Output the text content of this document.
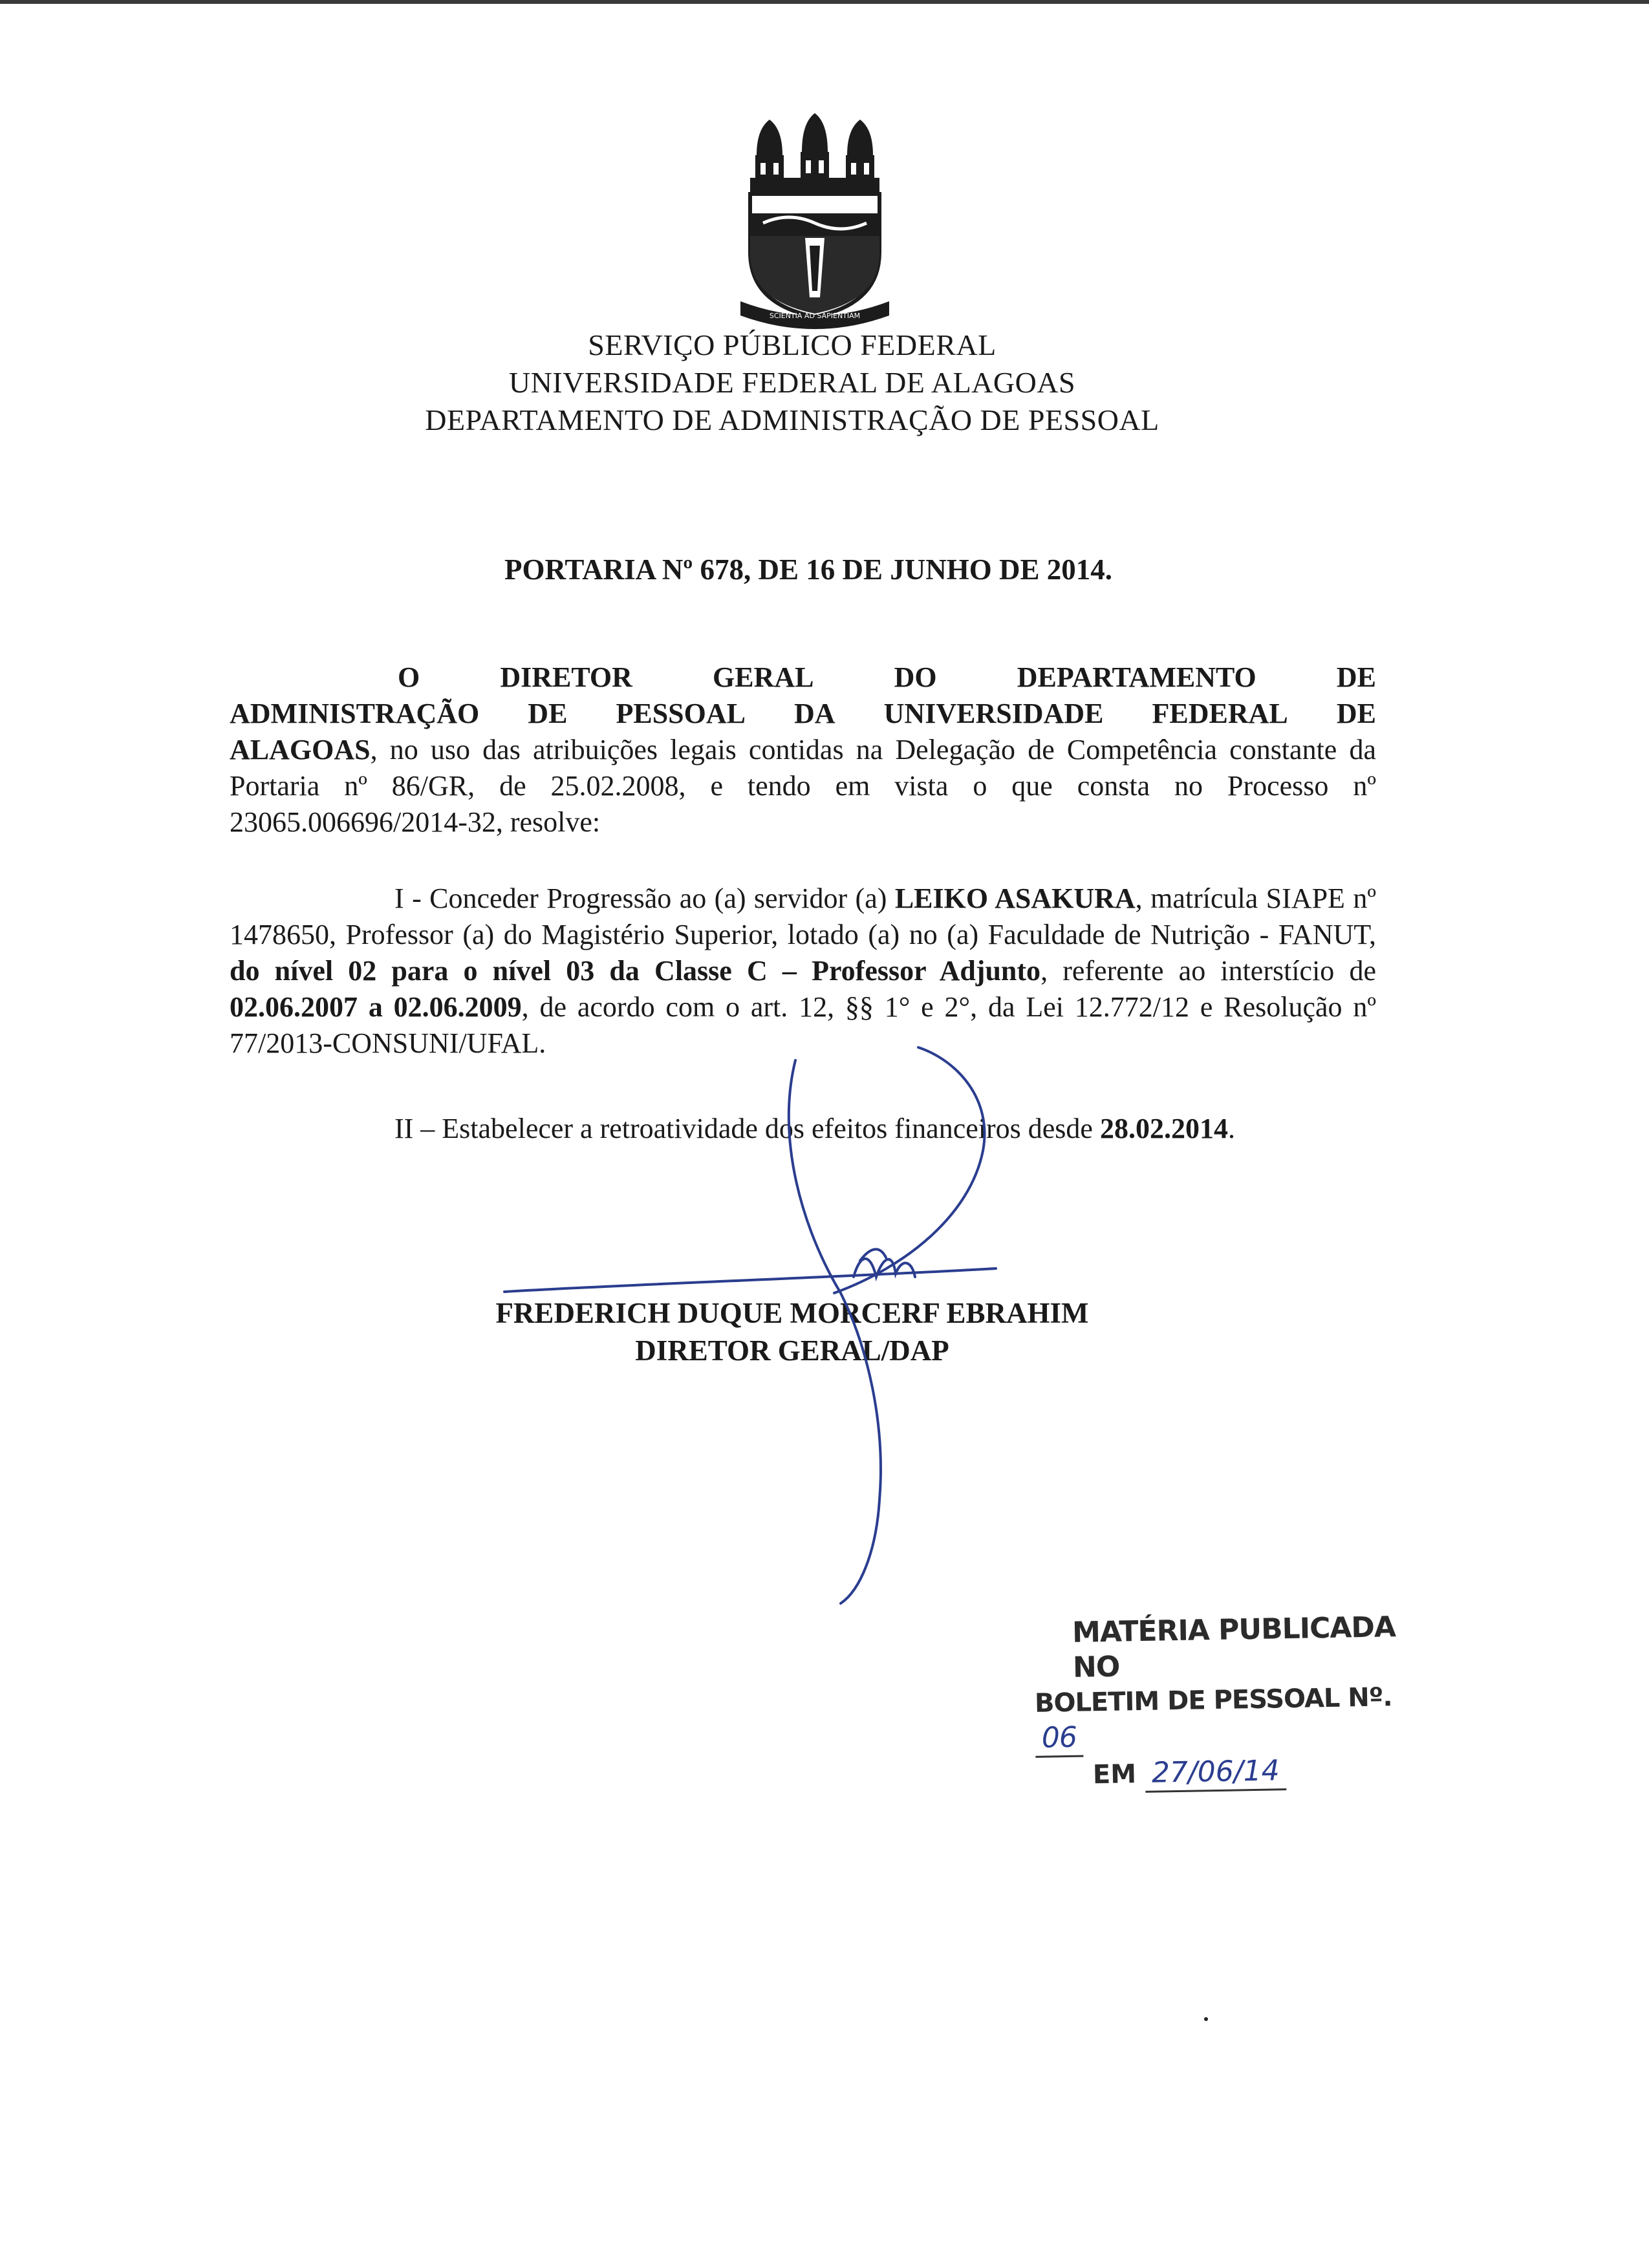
SCIENTIA AD SAPIENTIAM
SERVIÇO PÚBLICO FEDERAL
UNIVERSIDADE FEDERAL DE ALAGOAS
DEPARTAMENTO DE ADMINISTRAÇÃO DE PESSOAL
PORTARIA Nº 678, DE 16 DE JUNHO DE 2014.
O	DIRETOR	GERAL	DO	DEPARTAMENTO	DE
ADMINISTRAÇÃO DE PESSOAL DA UNIVERSIDADE FEDERAL DE
ALAGOAS, no uso das atribuições legais contidas na Delegação de Competência constante da Portaria nº 86/GR, de 25.02.2008, e tendo em vista o que consta no Processo nº 23065.006696/2014-32, resolve:
I - Conceder Progressão ao (a) servidor (a) LEIKO ASAKURA, matrícula SIAPE nº 1478650, Professor (a) do Magistério Superior, lotado (a) no (a) Faculdade de Nutrição - FANUT, do nível 02 para o nível 03 da Classe C – Professor Adjunto, referente ao interstício de 02.06.2007 a 02.06.2009, de acordo com o art. 12, §§ 1° e 2°, da Lei 12.772/12 e Resolução nº 77/2013-CONSUNI/UFAL.
II – Estabelecer a retroatividade dos efeitos financeiros desde 28.02.2014.
FREDERICH DUQUE MORCERF EBRAHIM
DIRETOR GERAL/DAP
MATÉRIA PUBLICADA NO
BOLETIM DE PESSOAL Nº. 06
EM 27/06/14
